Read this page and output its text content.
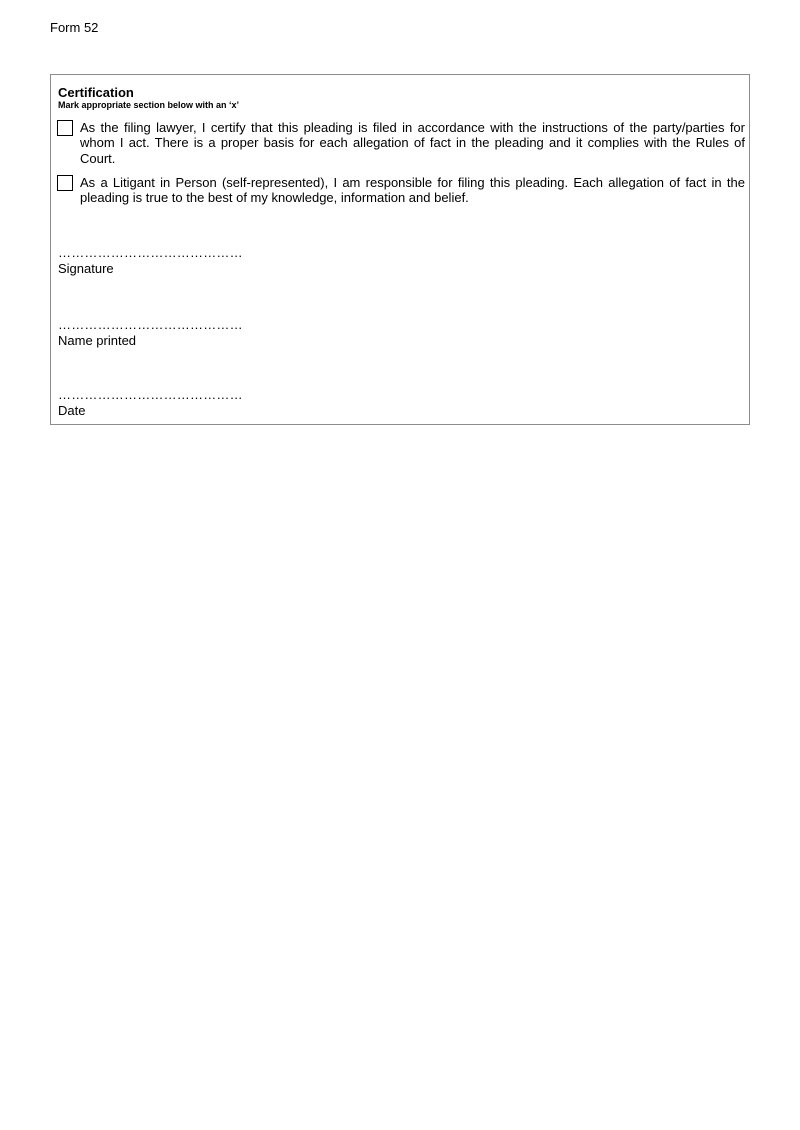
Form 52
Certification
Mark appropriate section below with an ‘x’
As the filing lawyer, I certify that this pleading is filed in accordance with the instructions of the party/parties for whom I act. There is a proper basis for each allegation of fact in the pleading and it complies with the Rules of Court.
As a Litigant in Person (self-represented), I am responsible for filing this pleading. Each allegation of fact in the pleading is true to the best of my knowledge, information and belief.
……………………………………
Signature
……………………………………
Name printed
……………………………………
Date
